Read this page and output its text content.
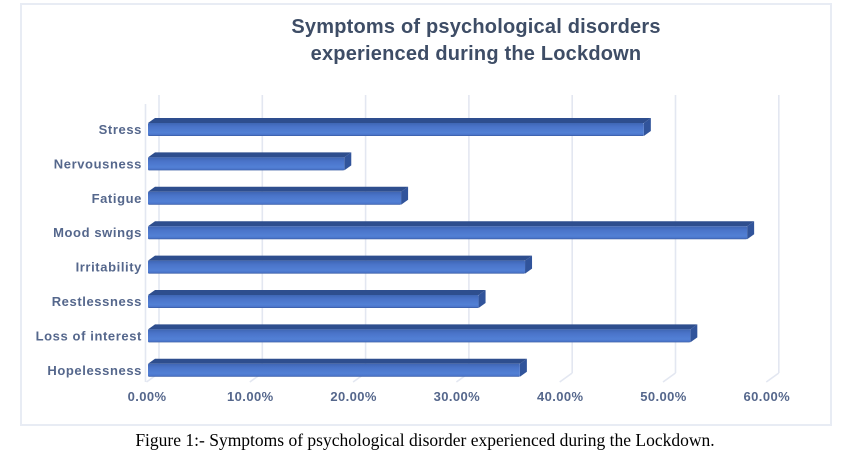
Symptoms of psychological disorders
experienced during the Lockdown
0.00%	10.00%	20.00%	30.00%	40.00%	50.00%	60.00%
Stress
Nervousness
Fatigue
Mood swings
Irritability
Restlessness
Loss of interest
Hopelessness
Figure 1:- Symptoms of psychological disorder experienced during the Lockdown.
